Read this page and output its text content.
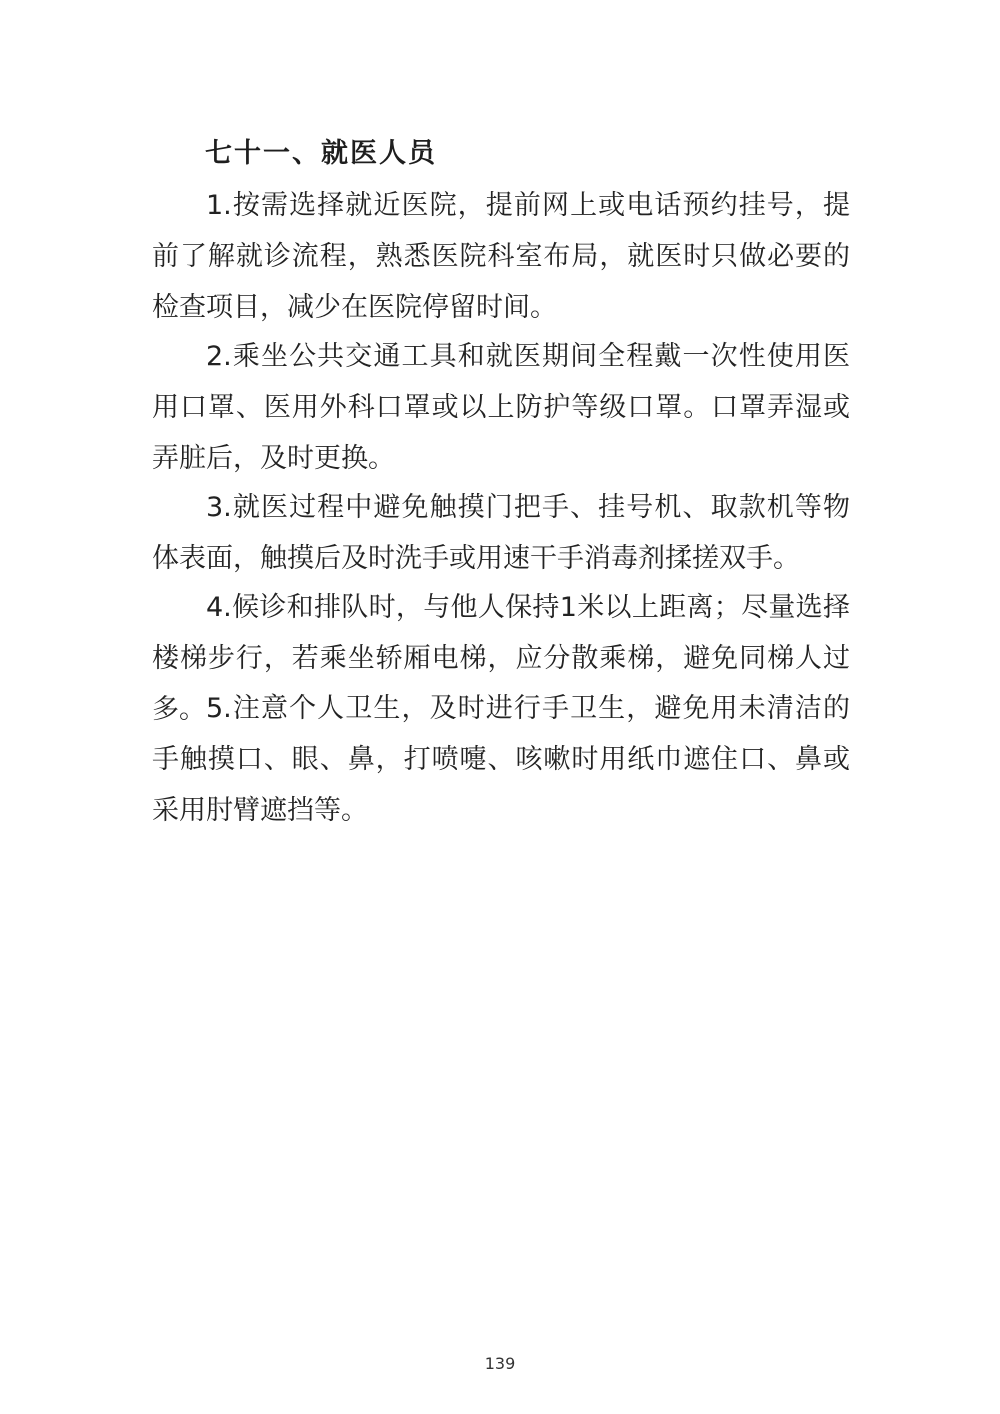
七十一、就医人员

1.按需选择就近医院，提前网上或电话预约挂号，提前了解就诊流程，熟悉医院科室布局，就医时只做必要的检查项目，减少在医院停留时间。

2.乘坐公共交通工具和就医期间全程戴一次性使用医用口罩、医用外科口罩或以上防护等级口罩。口罩弄湿或弄脏后，及时更换。

3.就医过程中避免触摸门把手、挂号机、取款机等物体表面，触摸后及时洗手或用速干手消毒剂揉搓双手。

4.候诊和排队时，与他人保持1米以上距离；尽量选择楼梯步行，若乘坐轿厢电梯，应分散乘梯，避免同梯人过多。 5.注意个人卫生，及时进行手卫生，避免用未清洁的手触摸口、眼、鼻，打喷嚏、咳嗽时用纸巾遮住口、鼻或采用肘臂遮挡等。

139
